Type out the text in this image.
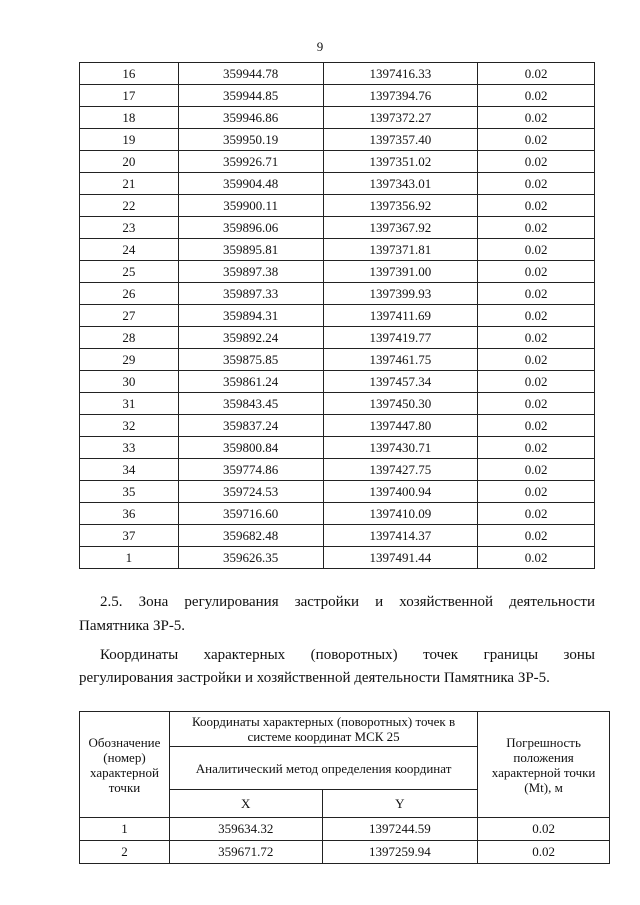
9
16	359944.78	1397416.33	0.02
17	359944.85	1397394.76	0.02
18	359946.86	1397372.27	0.02
19	359950.19	1397357.40	0.02
20	359926.71	1397351.02	0.02
21	359904.48	1397343.01	0.02
22	359900.11	1397356.92	0.02
23	359896.06	1397367.92	0.02
24	359895.81	1397371.81	0.02
25	359897.38	1397391.00	0.02
26	359897.33	1397399.93	0.02
27	359894.31	1397411.69	0.02
28	359892.24	1397419.77	0.02
29	359875.85	1397461.75	0.02
30	359861.24	1397457.34	0.02
31	359843.45	1397450.30	0.02
32	359837.24	1397447.80	0.02
33	359800.84	1397430.71	0.02
34	359774.86	1397427.75	0.02
35	359724.53	1397400.94	0.02
36	359716.60	1397410.09	0.02
37	359682.48	1397414.37	0.02
1	359626.35	1397491.44	0.02

2.5. Зона регулирования застройки и хозяйственной деятельности

Памятника ЗР-5.

Координаты характерных (поворотных) точек границы зоны

регулирования застройки и хозяйственной деятельности Памятника ЗР-5.

Обозначение (номер) характерной точки	Координаты характерных (поворотных) точек в системе координат МСК 25		Погрешность положения характерной точки (Mt), м
	Аналитический метод определения координат		
	X	Y	
1	359634.32	1397244.59	0.02
2	359671.72	1397259.94	0.02
